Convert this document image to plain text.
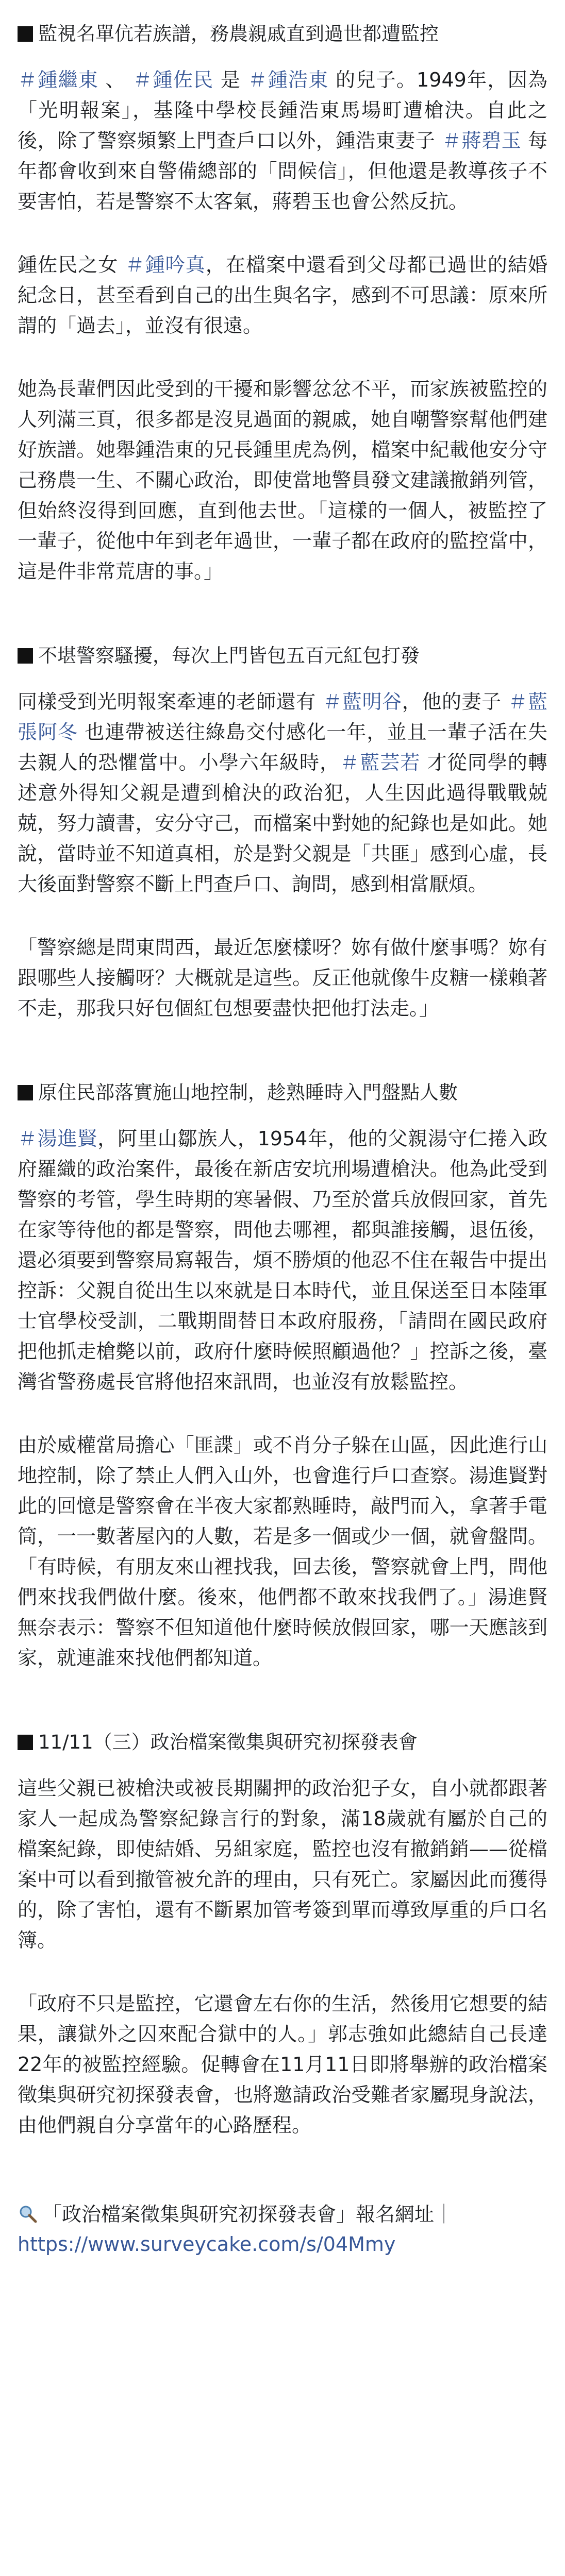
監視名單伉若族譜，務農親戚直到過世都遭監控
＃鍾繼東 、 ＃鍾佐民 是 ＃鍾浩東 的兒子。1949年，因為「光明報案」，基隆中學校長鍾浩東馬場町遭槍決。自此之後，除了警察頻繁上門查戶口以外，鍾浩東妻子 ＃蔣碧玉 每年都會收到來自警備總部的「問候信」，但他還是教導孩子不要害怕，若是警察不太客氣，蔣碧玉也會公然反抗。
鍾佐民之女 ＃鍾吟真，在檔案中還看到父母都已過世的結婚紀念日，甚至看到自己的出生與名字，感到不可思議：原來所謂的「過去」，並沒有很遠。
她為長輩們因此受到的干擾和影響忿忿不平，而家族被監控的人列滿三頁，很多都是沒見過面的親戚，她自嘲警察幫他們建好族譜。她舉鍾浩東的兄長鍾里虎為例，檔案中紀載他安分守己務農一生、不關心政治，即使當地警員發文建議撤銷列管，但始終沒得到回應，直到他去世。「這樣的一個人，被監控了一輩子，從他中年到老年過世，一輩子都在政府的監控當中，這是件非常荒唐的事。」
不堪警察騷擾，每次上門皆包五百元紅包打發
同樣受到光明報案牽連的老師還有 ＃藍明谷，他的妻子 ＃藍張阿冬 也連帶被送往綠島交付感化一年，並且一輩子活在失去親人的恐懼當中。小學六年級時，＃藍芸若 才從同學的轉述意外得知父親是遭到槍決的政治犯，人生因此過得戰戰兢兢，努力讀書，安分守己，而檔案中對她的紀錄也是如此。她說，當時並不知道真相，於是對父親是「共匪」感到心虛，長大後面對警察不斷上門查戶口、詢問，感到相當厭煩。
「警察總是問東問西，最近怎麼樣呀？妳有做什麼事嗎？妳有跟哪些人接觸呀？大概就是這些。反正他就像牛皮糖一樣賴著不走，那我只好包個紅包想要盡快把他打法走。」
原住民部落實施山地控制，趁熟睡時入門盤點人數
＃湯進賢，阿里山鄒族人，1954年，他的父親湯守仁捲入政府羅織的政治案件，最後在新店安坑刑場遭槍決。他為此受到警察的考管，學生時期的寒暑假、乃至於當兵放假回家，首先在家等待他的都是警察，問他去哪裡，都與誰接觸，退伍後，還必須要到警察局寫報告，煩不勝煩的他忍不住在報告中提出控訴：父親自從出生以來就是日本時代，並且保送至日本陸軍士官學校受訓，二戰期間替日本政府服務，「請問在國民政府把他抓走槍斃以前，政府什麼時候照顧過他？」控訴之後，臺灣省警務處長官將他招來訊問，也並沒有放鬆監控。
由於威權當局擔心「匪諜」或不肖分子躲在山區，因此進行山地控制，除了禁止人們入山外，也會進行戶口查察。湯進賢對此的回憶是警察會在半夜大家都熟睡時，敲門而入，拿著手電筒，一一數著屋內的人數，若是多一個或少一個，就會盤問。「有時候，有朋友來山裡找我，回去後，警察就會上門，問他們來找我們做什麼。後來，他們都不敢來找我們了。」湯進賢無奈表示：警察不但知道他什麼時候放假回家，哪一天應該到家，就連誰來找他們都知道。
11/11（三）政治檔案徵集與研究初探發表會
這些父親已被槍決或被長期關押的政治犯子女，自小就都跟著家人一起成為警察紀錄言行的對象，滿18歲就有屬於自己的檔案紀錄，即使結婚、另組家庭，監控也沒有撤銷銷——從檔案中可以看到撤管被允許的理由，只有死亡。家屬因此而獲得的，除了害怕，還有不斷累加管考簽到單而導致厚重的戶口名簿。
「政府不只是監控，它還會左右你的生活，然後用它想要的結果，讓獄外之囚來配合獄中的人。」郭志強如此總結自己長達22年的被監控經驗。促轉會在11月11日即將舉辦的政治檔案徵集與研究初探發表會，也將邀請政治受難者家屬現身說法，由他們親自分享當年的心路歷程。
「政治檔案徵集與研究初探發表會」報名網址｜
https://www.surveycake.com/s/04Mmy
